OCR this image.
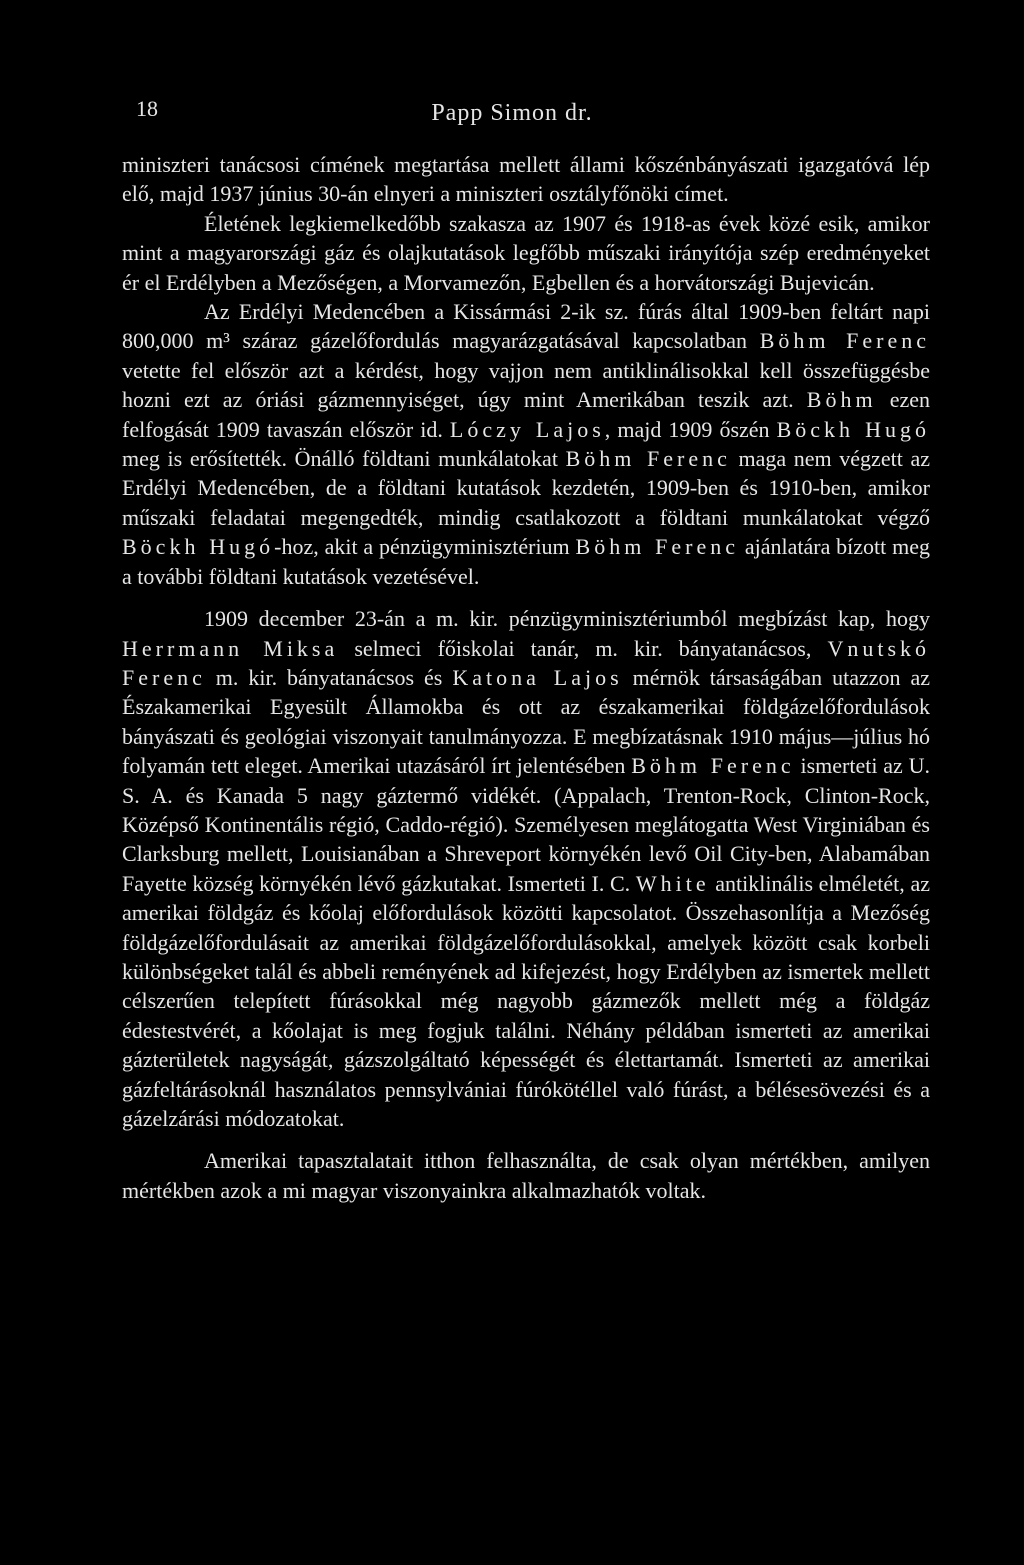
18	Papp Simon dr.

miniszteri tanácsosi címének megtartása mellett állami kőszénbányászati igazgatóvá lép elő, majd 1937 június 30-án elnyeri a miniszteri osztályfőnöki címet.

Életének legkiemelkedőbb szakasza az 1907 és 1918-as évek közé esik, amikor mint a magyarországi gáz és olajkutatások legfőbb műszaki irányítója szép eredményeket ér el Erdélyben a Mezőségen, a Morvamezőn, Egbellen és a horvátországi Bujevicán.

Az Erdélyi Medencében a Kissármási 2-ik sz. fúrás által 1909-ben feltárt napi 800,000 m³ száraz gázelőfordulás magyarázgatásával kapcsolatban Böhm Ferenc vetette fel először azt a kérdést, hogy vajjon nem antiklinálisokkal kell összefüggésbe hozni ezt az óriási gázmennyiséget, úgy mint Amerikában teszik azt. Böhm ezen felfogását 1909 tavaszán először id. Lóczy Lajos, majd 1909 őszén Böckh Hugó meg is erősítették. Önálló földtani munkálatokat Böhm Ferenc maga nem végzett az Erdélyi Medencében, de a földtani kutatások kezdetén, 1909-ben és 1910-ben, amikor műszaki feladatai megengedték, mindig csatlakozott a földtani munkálatokat végző Böckh Hugó-hoz, akit a pénzügyminisztérium Böhm Ferenc ajánlatára bízott meg a további földtani kutatások vezetésével.

1909 december 23-án a m. kir. pénzügyminisztériumból megbízást kap, hogy Herrmann Miksa selmeci főiskolai tanár, m. kir. bányatanácsos, Vnutskó Ferenc m. kir. bányatanácsos és Katona Lajos mérnök társaságában utazzon az Északamerikai Egyesült Államokba és ott az északamerikai földgázelőfordulások bányászati és geológiai viszonyait tanulmányozza. E megbízatásnak 1910 május—július hó folyamán tett eleget. Amerikai utazásáról írt jelentésében Böhm Ferenc ismerteti az U. S. A. és Kanada 5 nagy gáztermő vidékét. (Appalach, Trenton-Rock, Clinton-Rock, Középső Kontinentális régió, Caddo-régió). Személyesen meglátogatta West Virginiában és Clarksburg mellett, Louisianában a Shreveport környékén levő Oil City-ben, Alabamában Fayette község környékén lévő gázkutakat. Ismerteti I. C. White antiklinális elméletét, az amerikai földgáz és kőolaj előfordulások közötti kapcsolatot. Összehasonlítja a Mezőség földgázelőfordulásait az amerikai földgázelőfordulásokkal, amelyek között csak korbeli különbségeket talál és abbeli reményének ad kifejezést, hogy Erdélyben az ismertek mellett célszerűen telepített fúrásokkal még nagyobb gázmezők mellett még a földgáz édestestvérét, a kőolajat is meg fogjuk találni. Néhány példában ismerteti az amerikai gázterületek nagyságát, gázszolgáltató képességét és élettartamát. Ismerteti az amerikai gázfeltárásoknál használatos pennsylvániai fúrókötéllel való fúrást, a bélésesövezési és a gázelzárási módozatokat.

Amerikai tapasztalatait itthon felhasználta, de csak olyan mértékben, amilyen mértékben azok a mi magyar viszonyainkra alkalmazhatók voltak.
